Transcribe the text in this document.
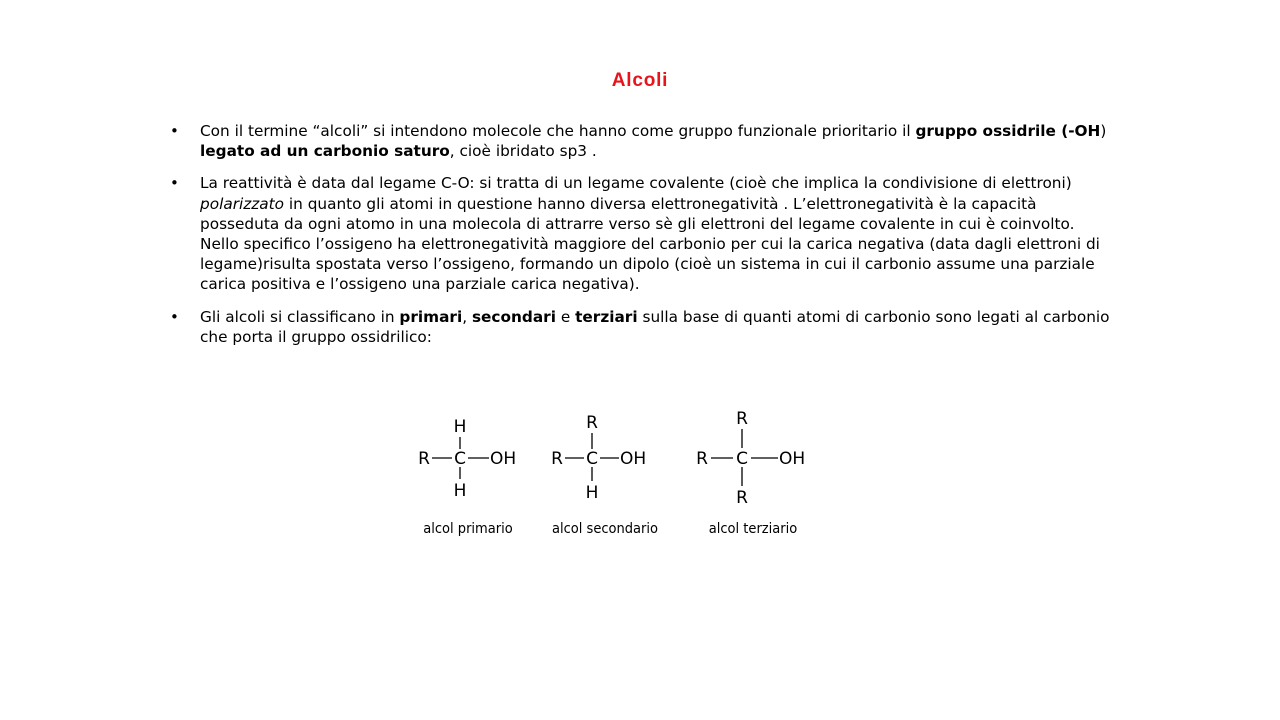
Alcoli
• Con il termine “alcoli” si intendono molecole che hanno come gruppo funzionale prioritario il gruppo ossidrile (-OH) legato ad un carbonio saturo, cioè ibridato sp3 .
• La reattività è data dal legame C-O: si tratta di un legame covalente (cioè che implica la condivisione di elettroni) polarizzato in quanto gli atomi in questione hanno diversa elettronegatività . L’elettronegatività è la capacità posseduta da ogni atomo in una molecola di attrarre verso sè gli elettroni del legame covalente in cui è coinvolto. Nello specifico l’ossigeno ha elettronegatività maggiore del carbonio per cui la carica negativa (data dagli elettroni di legame)risulta spostata verso l’ossigeno, formando un dipolo (cioè un sistema in cui il carbonio assume una parziale carica positiva e l’ossigeno una parziale carica negativa).
• Gli alcoli si classificano in primari, secondari e terziari sulla base di quanti atomi di carbonio sono legati al carbonio che porta il gruppo ossidrilico:
H
R C OH
H
alcol primario
R
R C OH
H
alcol secondario
R
R C OH
R
alcol terziario
